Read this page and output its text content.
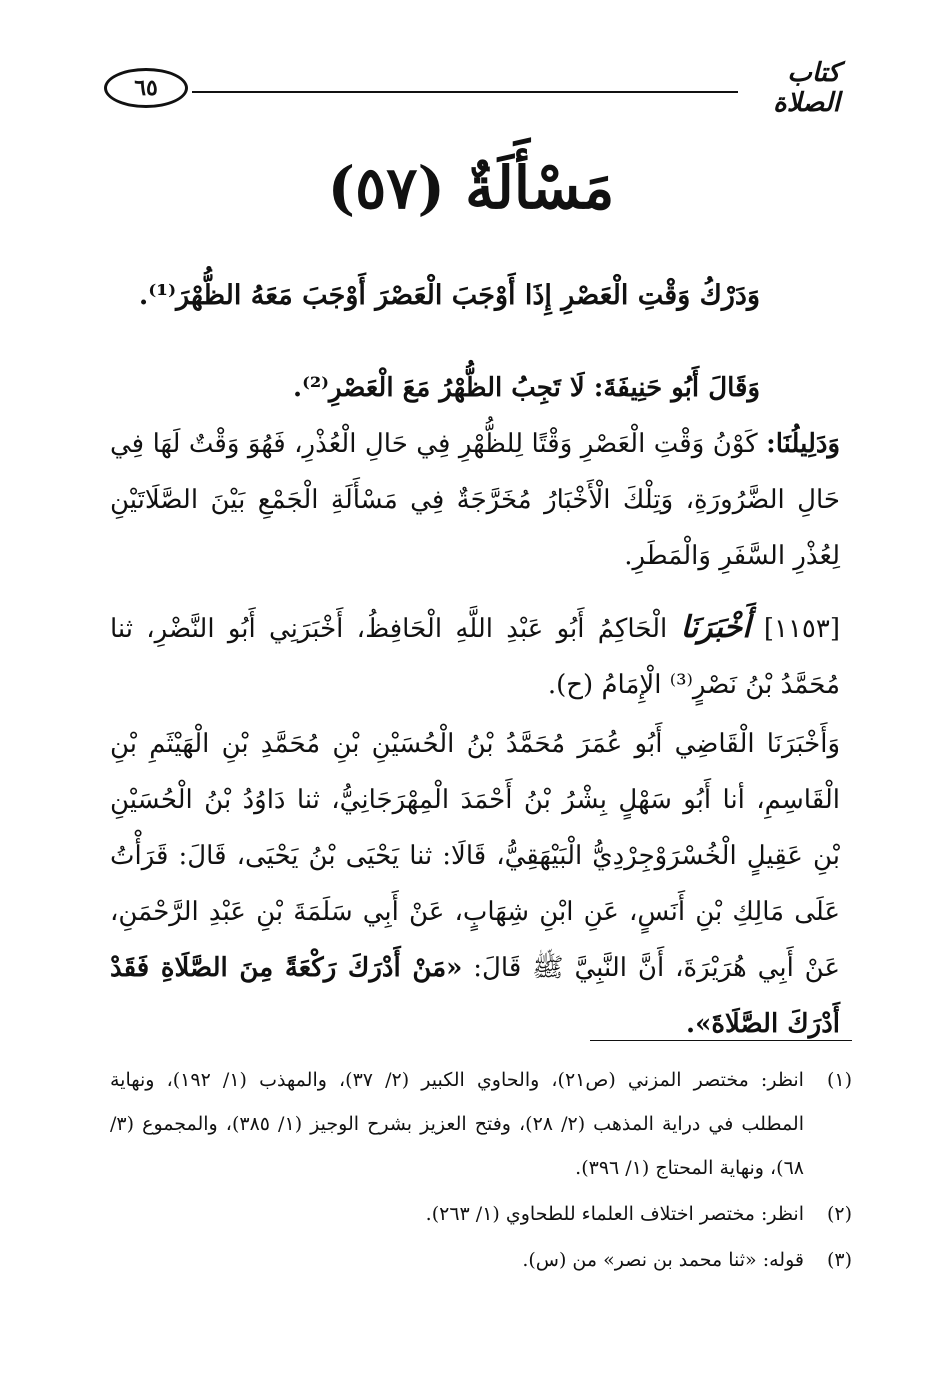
٦٥	كتاب الصلاة
مَسْأَلَةٌ (٥٧)
وَدَرْكُ وَقْتِ الْعَصْرِ إِذَا أَوْجَبَ الْعَصْرَ أَوْجَبَ مَعَهُ الظُّهْرَ⁽¹⁾.
وَقَالَ أَبُو حَنِيفَةَ: لَا تَجِبُ الظُّهْرُ مَعَ الْعَصْرِ⁽²⁾.
وَدَلِيلُنَا: كَوْنُ وَقْتِ الْعَصْرِ وَقْتًا لِلظُّهْرِ فِي حَالِ الْعُذْرِ، فَهُوَ وَقْتٌ لَهَا فِي حَالِ الضَّرُورَةِ، وَتِلْكَ الْأَخْبَارُ مُخَرَّجَةٌ فِي مَسْأَلَةِ الْجَمْعِ بَيْنَ الصَّلَاتَيْنِ لِعُذْرِ السَّفَرِ وَالْمَطَرِ.
[١١٥٣] أَخْبَرَنَا الْحَاكِمُ أَبُو عَبْدِ اللَّهِ الْحَافِظُ، أَخْبَرَنِي أَبُو النَّضْرِ، ثنا مُحَمَّدُ بْنُ نَصْرٍ⁽³⁾ الْإِمَامُ (ح).
وَأَخْبَرَنَا الْقَاضِي أَبُو عُمَرَ مُحَمَّدُ بْنُ الْحُسَيْنِ بْنِ مُحَمَّدِ بْنِ الْهَيْثَمِ بْنِ الْقَاسِمِ، أنا أَبُو سَهْلٍ بِشْرُ بْنُ أَحْمَدَ الْمِهْرَجَانِيُّ، ثنا دَاوُدُ بْنُ الْحُسَيْنِ بْنِ عَقِيلٍ الْخُسْرَوْجِرْدِيُّ الْبَيْهَقِيُّ، قَالَا: ثنا يَحْيَى بْنُ يَحْيَى، قَالَ: قَرَأْتُ عَلَى مَالِكِ بْنِ أَنَسٍ، عَنِ ابْنِ شِهَابٍ، عَنْ أَبِي سَلَمَةَ بْنِ عَبْدِ الرَّحْمَنِ، عَنْ أَبِي هُرَيْرَةَ، أَنَّ النَّبِيَّ ﷺ قَالَ: «مَنْ أَدْرَكَ رَكْعَةً مِنَ الصَّلَاةِ فَقَدْ أَدْرَكَ الصَّلَاةَ».
(١)
انظر: مختصر المزني (ص٢١)، والحاوي الكبير (٢/ ٣٧)، والمهذب (١/ ١٩٢)، ونهاية المطلب في دراية المذهب (٢/ ٢٨)، وفتح العزيز بشرح الوجيز (١/ ٣٨٥)، والمجموع (٣/ ٦٨)، ونهاية المحتاج (١/ ٣٩٦).
(٢)
انظر: مختصر اختلاف العلماء للطحاوي (١/ ٢٦٣).
(٣)
قوله: «ثنا محمد بن نصر» من (س).
